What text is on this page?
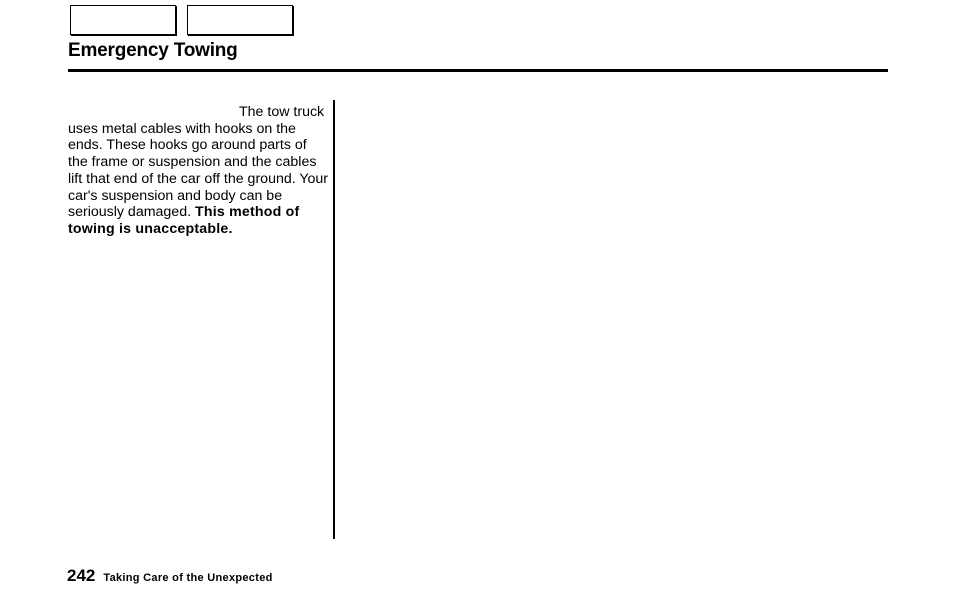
Emergency Towing

The tow truck uses metal cables with hooks on the ends. These hooks go around parts of the frame or suspension and the cables lift that end of the car off the ground. Your car's suspension and body can be seriously damaged. This method of towing is unacceptable.

242 Taking Care of the Unexpected
